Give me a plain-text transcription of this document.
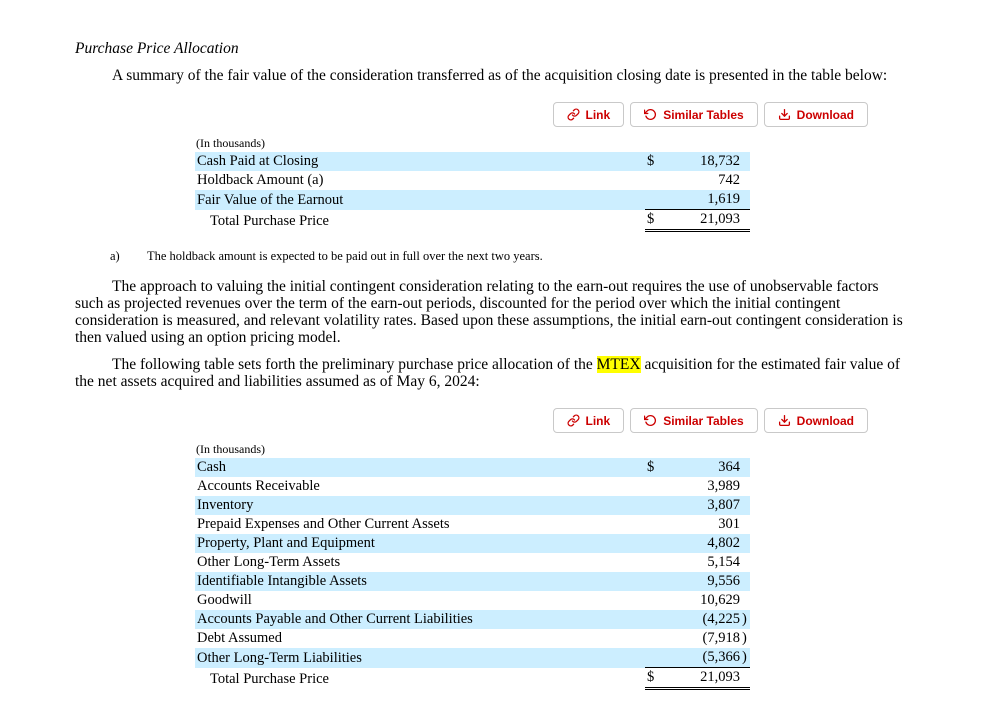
Purchase Price Allocation

A summary of the fair value of the consideration transferred as of the acquisition closing date is presented in the table below:

Link	Similar Tables	Download
(In thousands)			
Cash Paid at Closing	$	18,732	
Holdback Amount (a)		742	
Fair Value of the Earnout		1,619	
Total Purchase Price	$	21,093	
a) The holdback amount is expected to be paid out in full over the next two years.

The approach to valuing the initial contingent consideration relating to the earn-out requires the use of unobservable factors such as projected revenues over the term of the earn-out periods, discounted for the period over which the initial contingent consideration is measured, and relevant volatility rates. Based upon these assumptions, the initial earn-out contingent consideration is then valued using an option pricing model.

The following table sets forth the preliminary purchase price allocation of the MTEX acquisition for the estimated fair value of the net assets acquired and liabilities assumed as of May 6, 2024:

Link	Similar Tables	Download
(In thousands)			
Cash	$	364	
Accounts Receivable		3,989	
Inventory		3,807	
Prepaid Expenses and Other Current Assets		301	
Property, Plant and Equipment		4,802	
Other Long-Term Assets		5,154	
Identifiable Intangible Assets		9,556	
Goodwill		10,629	
Accounts Payable and Other Current Liabilities		(4,225	)
Debt Assumed		(7,918	)
Other Long-Term Liabilities		(5,366	)
Total Purchase Price	$	21,093	
